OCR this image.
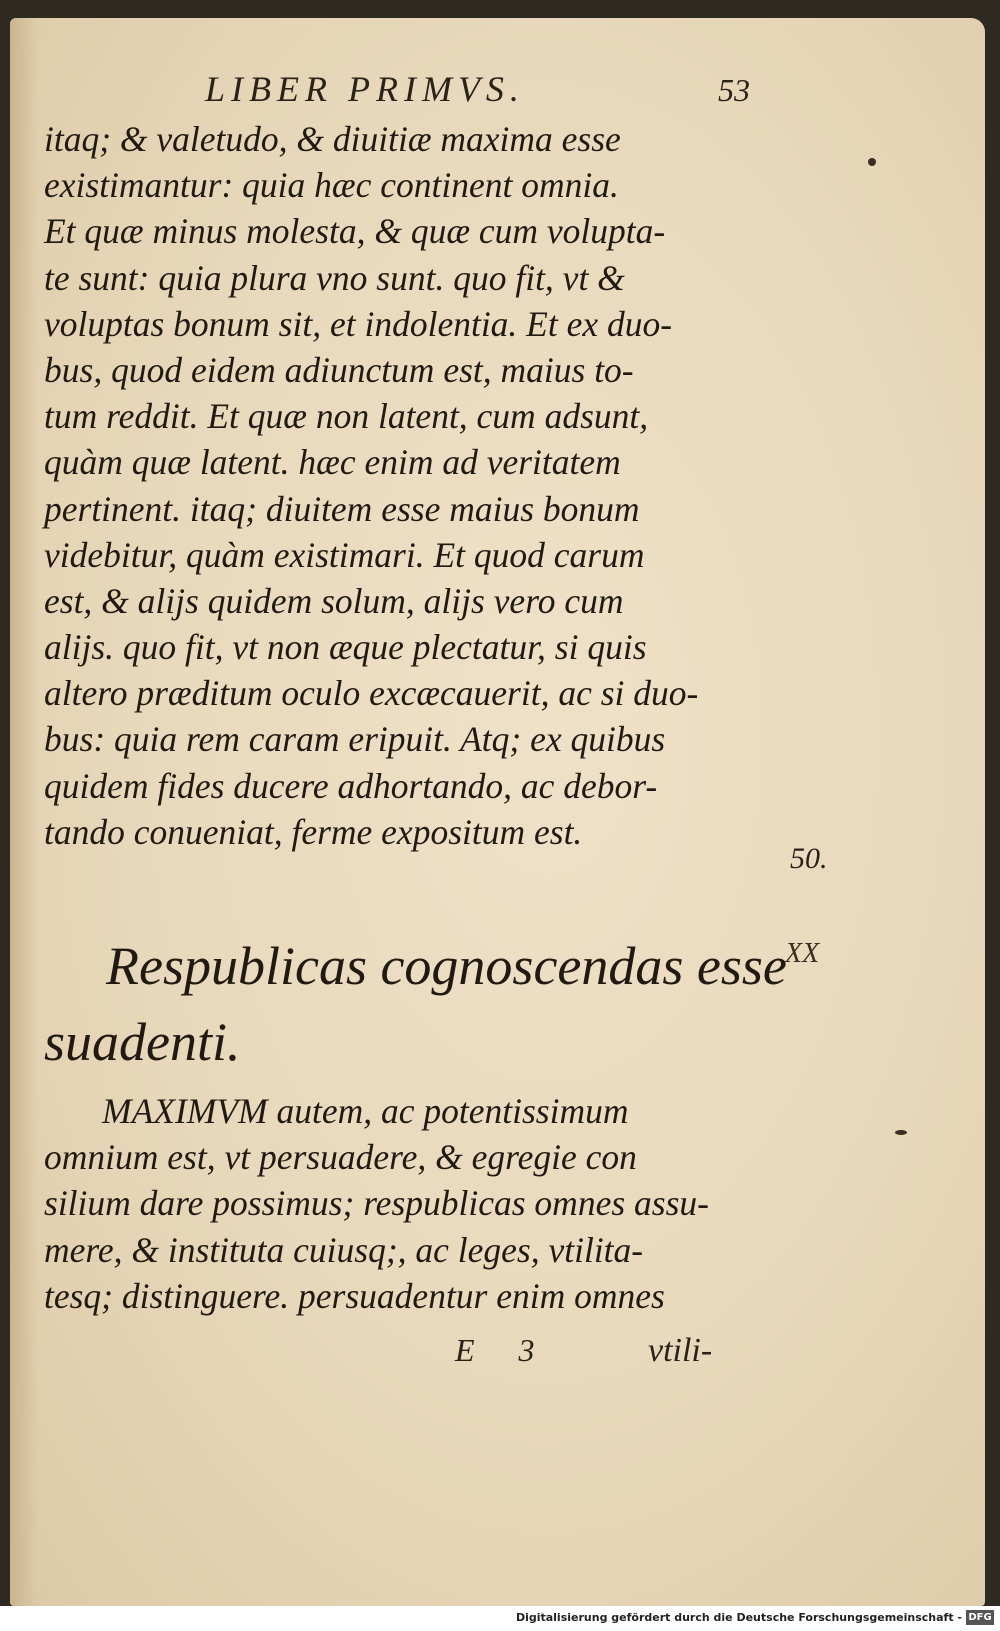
LIBER PRIMVS.	53
itaq; & valetudo, & diuitiæ maxima esse
existimantur: quia hæc continent omnia.
Et quæ minus molesta, & quæ cum volupta-
te sunt: quia plura vno sunt. quo fit, vt &
voluptas bonum sit, et indolentia. Et ex duo-
bus, quod eidem adiunctum est, maius to-
tum reddit. Et quæ non latent, cum adsunt,
quàm quæ latent. hæc enim ad veritatem
pertinent. itaq; diuitem esse maius bonum
videbitur, quàm existimari. Et quod carum
est, & alijs quidem solum, alijs vero cum
alijs. quo fit, vt non æque plectatur, si quis
altero præditum oculo excæcauerit, ac si duo-
bus: quia rem caram eripuit. Atq; ex quibus
quidem fides ducere adhortando, ac debor-
tando conueniat, ferme expositum est.
50.
Respublicas cognoscendas esse
suadenti.
XX
MAXIMVM autem, ac potentissimum
omnium est, vt persuadere, & egregie con
silium dare possimus; respublicas omnes assu-
mere, & instituta cuiusq;, ac leges, vtilita-
tesq; distinguere. persuadentur enim omnes
E 3	vtili-
Digitalisierung gefördert durch die Deutsche Forschungsgemeinschaft - DFG
